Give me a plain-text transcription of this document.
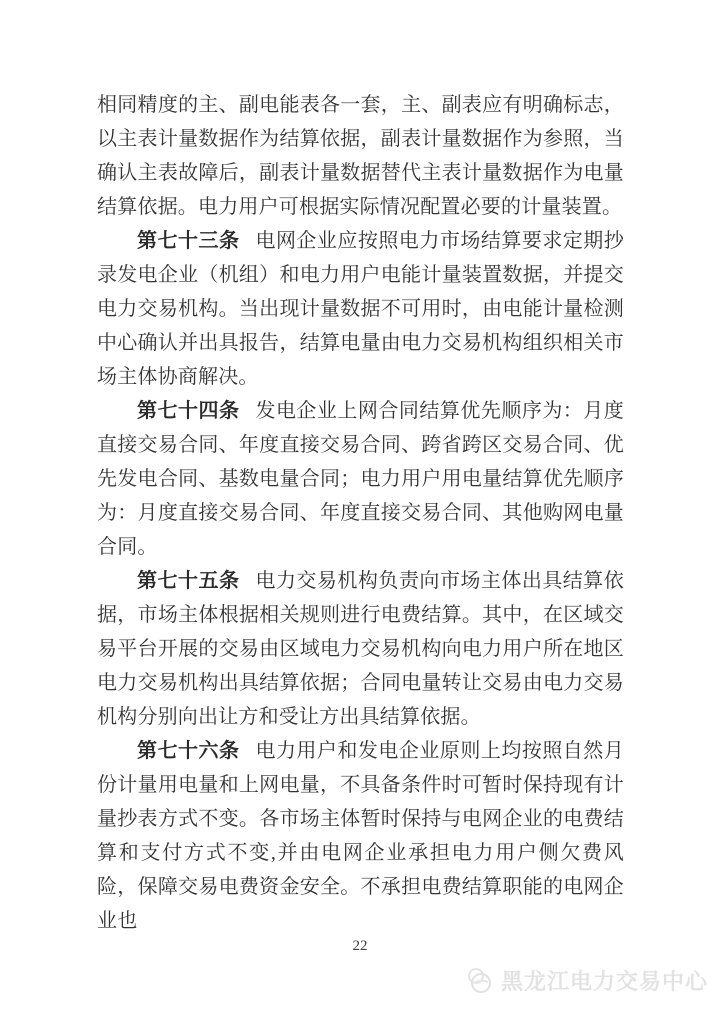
相同精度的主、副电能表各一套，主、副表应有明确标志，以主表计量数据作为结算依据，副表计量数据作为参照，当确认主表故障后，副表计量数据替代主表计量数据作为电量结算依据。电力用户可根据实际情况配置必要的计量装置。

第七十三条 电网企业应按照电力市场结算要求定期抄录发电企业（机组）和电力用户电能计量装置数据，并提交电力交易机构。当出现计量数据不可用时，由电能计量检测中心确认并出具报告，结算电量由电力交易机构组织相关市场主体协商解决。

第七十四条 发电企业上网合同结算优先顺序为：月度直接交易合同、年度直接交易合同、跨省跨区交易合同、优先发电合同、基数电量合同；电力用户用电量结算优先顺序为：月度直接交易合同、年度直接交易合同、其他购网电量合同。

第七十五条 电力交易机构负责向市场主体出具结算依据，市场主体根据相关规则进行电费结算。其中，在区域交易平台开展的交易由区域电力交易机构向电力用户所在地区电力交易机构出具结算依据；合同电量转让交易由电力交易机构分别向出让方和受让方出具结算依据。

第七十六条 电力用户和发电企业原则上均按照自然月份计量用电量和上网电量，不具备条件时可暂时保持现有计量抄表方式不变。各市场主体暂时保持与电网企业的电费结算和支付方式不变,并由电网企业承担电力用户侧欠费风险，保障交易电费资金安全。不承担电费结算职能的电网企业也

22
黑龙江电力交易中心
